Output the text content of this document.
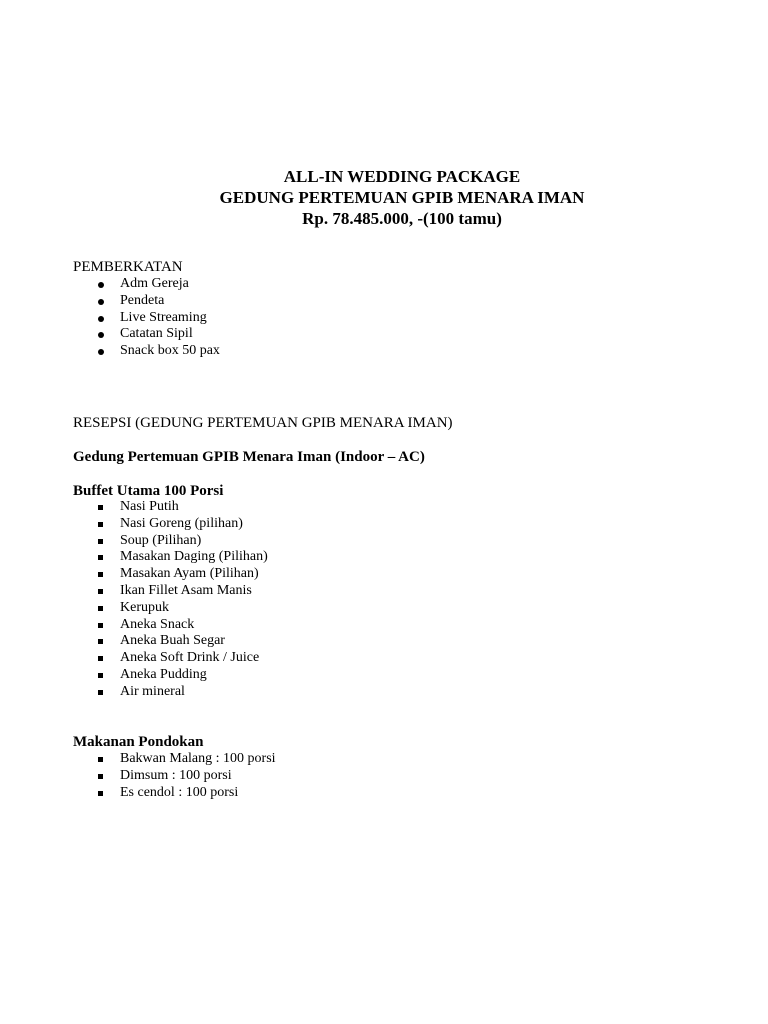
ALL-IN WEDDING PACKAGE
GEDUNG PERTEMUAN GPIB MENARA IMAN
Rp. 78.485.000, -(100 tamu)
PEMBERKATAN
Adm Gereja
Pendeta
Live Streaming
Catatan Sipil
Snack box 50 pax
RESEPSI (GEDUNG PERTEMUAN GPIB MENARA IMAN)
Gedung Pertemuan GPIB Menara Iman (Indoor – AC)
Buffet Utama 100 Porsi
Nasi Putih
Nasi Goreng (pilihan)
Soup (Pilihan)
Masakan Daging (Pilihan)
Masakan Ayam (Pilihan)
Ikan Fillet Asam Manis
Kerupuk
Aneka Snack
Aneka Buah Segar
Aneka Soft Drink / Juice
Aneka Pudding
Air mineral
Makanan Pondokan
Bakwan Malang : 100 porsi
Dimsum : 100 porsi
Es cendol : 100 porsi
